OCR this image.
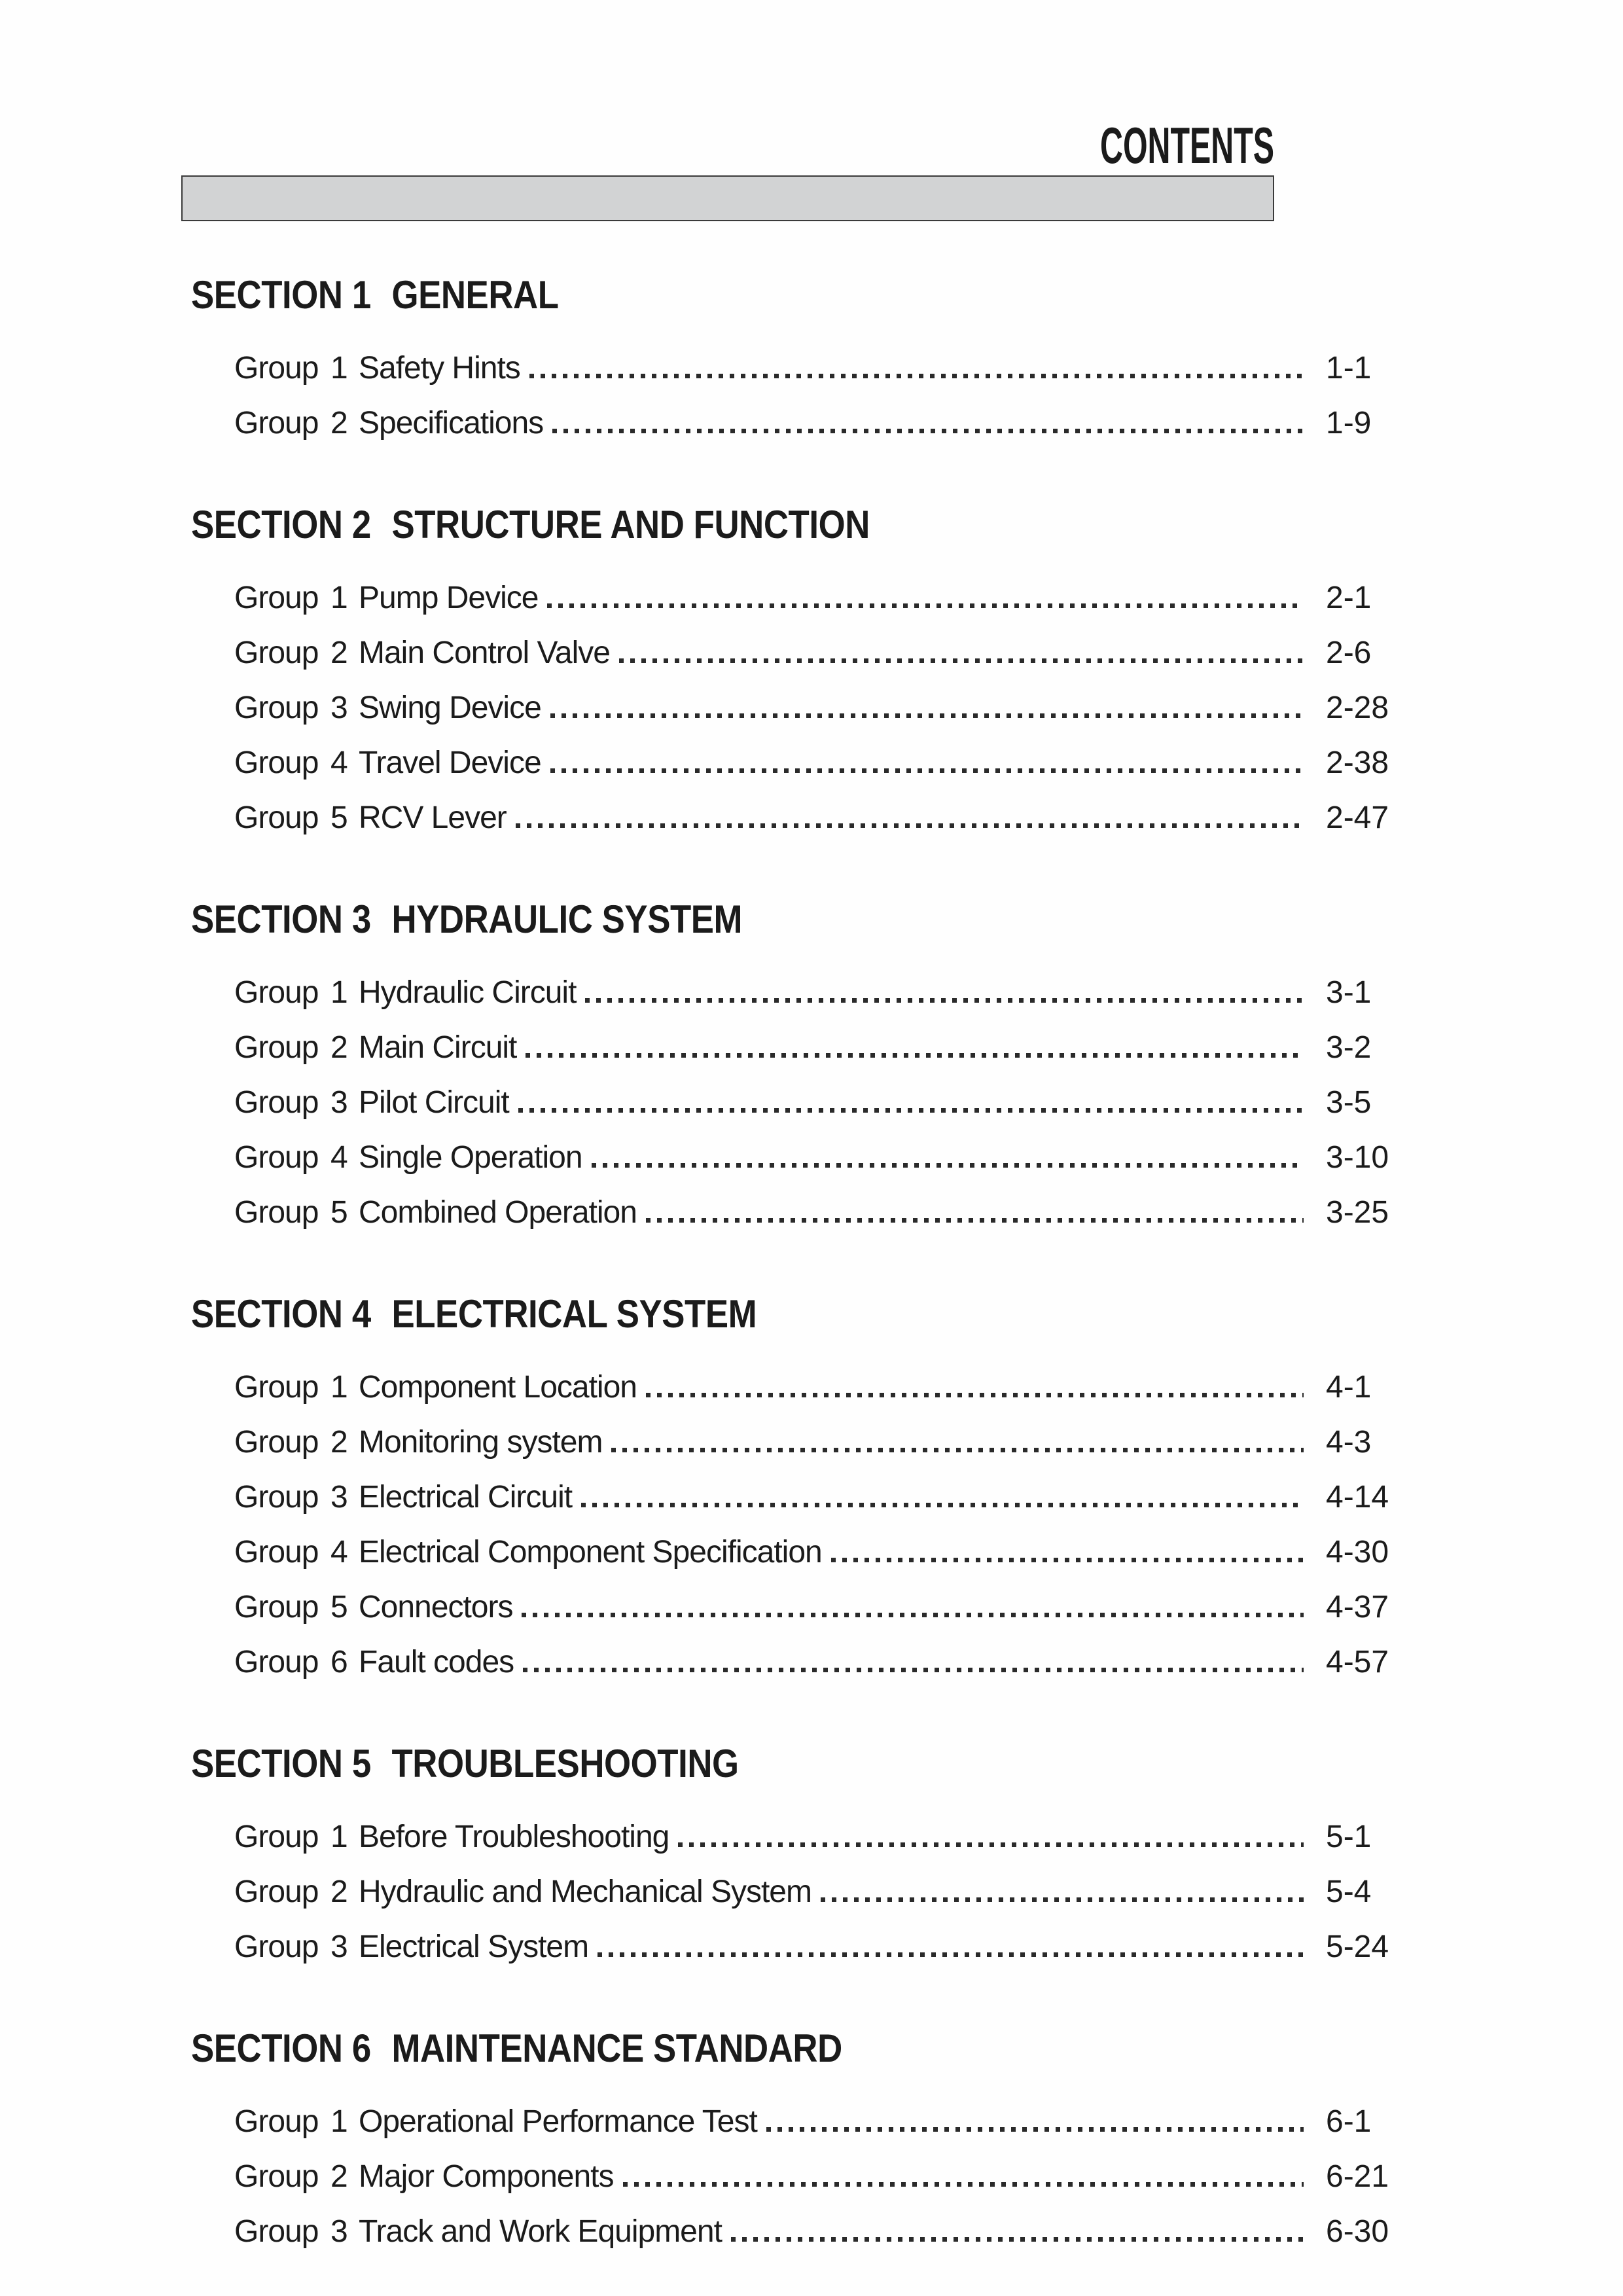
CONTENTS
SECTION 1 GENERAL
Group 1 Safety Hints	1-1
Group 2 Specifications	1-9
SECTION 2 STRUCTURE AND FUNCTION
Group 1 Pump Device	2-1
Group 2 Main Control Valve	2-6
Group 3 Swing Device	2-28
Group 4 Travel Device	2-38
Group 5 RCV Lever	2-47
SECTION 3 HYDRAULIC SYSTEM
Group 1 Hydraulic Circuit	3-1
Group 2 Main Circuit	3-2
Group 3 Pilot Circuit	3-5
Group 4 Single Operation	3-10
Group 5 Combined Operation	3-25
SECTION 4 ELECTRICAL SYSTEM
Group 1 Component Location	4-1
Group 2 Monitoring system	4-3
Group 3 Electrical Circuit	4-14
Group 4 Electrical Component Specification	4-30
Group 5 Connectors	4-37
Group 6 Fault codes	4-57
SECTION 5 TROUBLESHOOTING
Group 1 Before Troubleshooting	5-1
Group 2 Hydraulic and Mechanical System	5-4
Group 3 Electrical System	5-24
SECTION 6 MAINTENANCE STANDARD
Group 1 Operational Performance Test	6-1
Group 2 Major Components	6-21
Group 3 Track and Work Equipment	6-30
